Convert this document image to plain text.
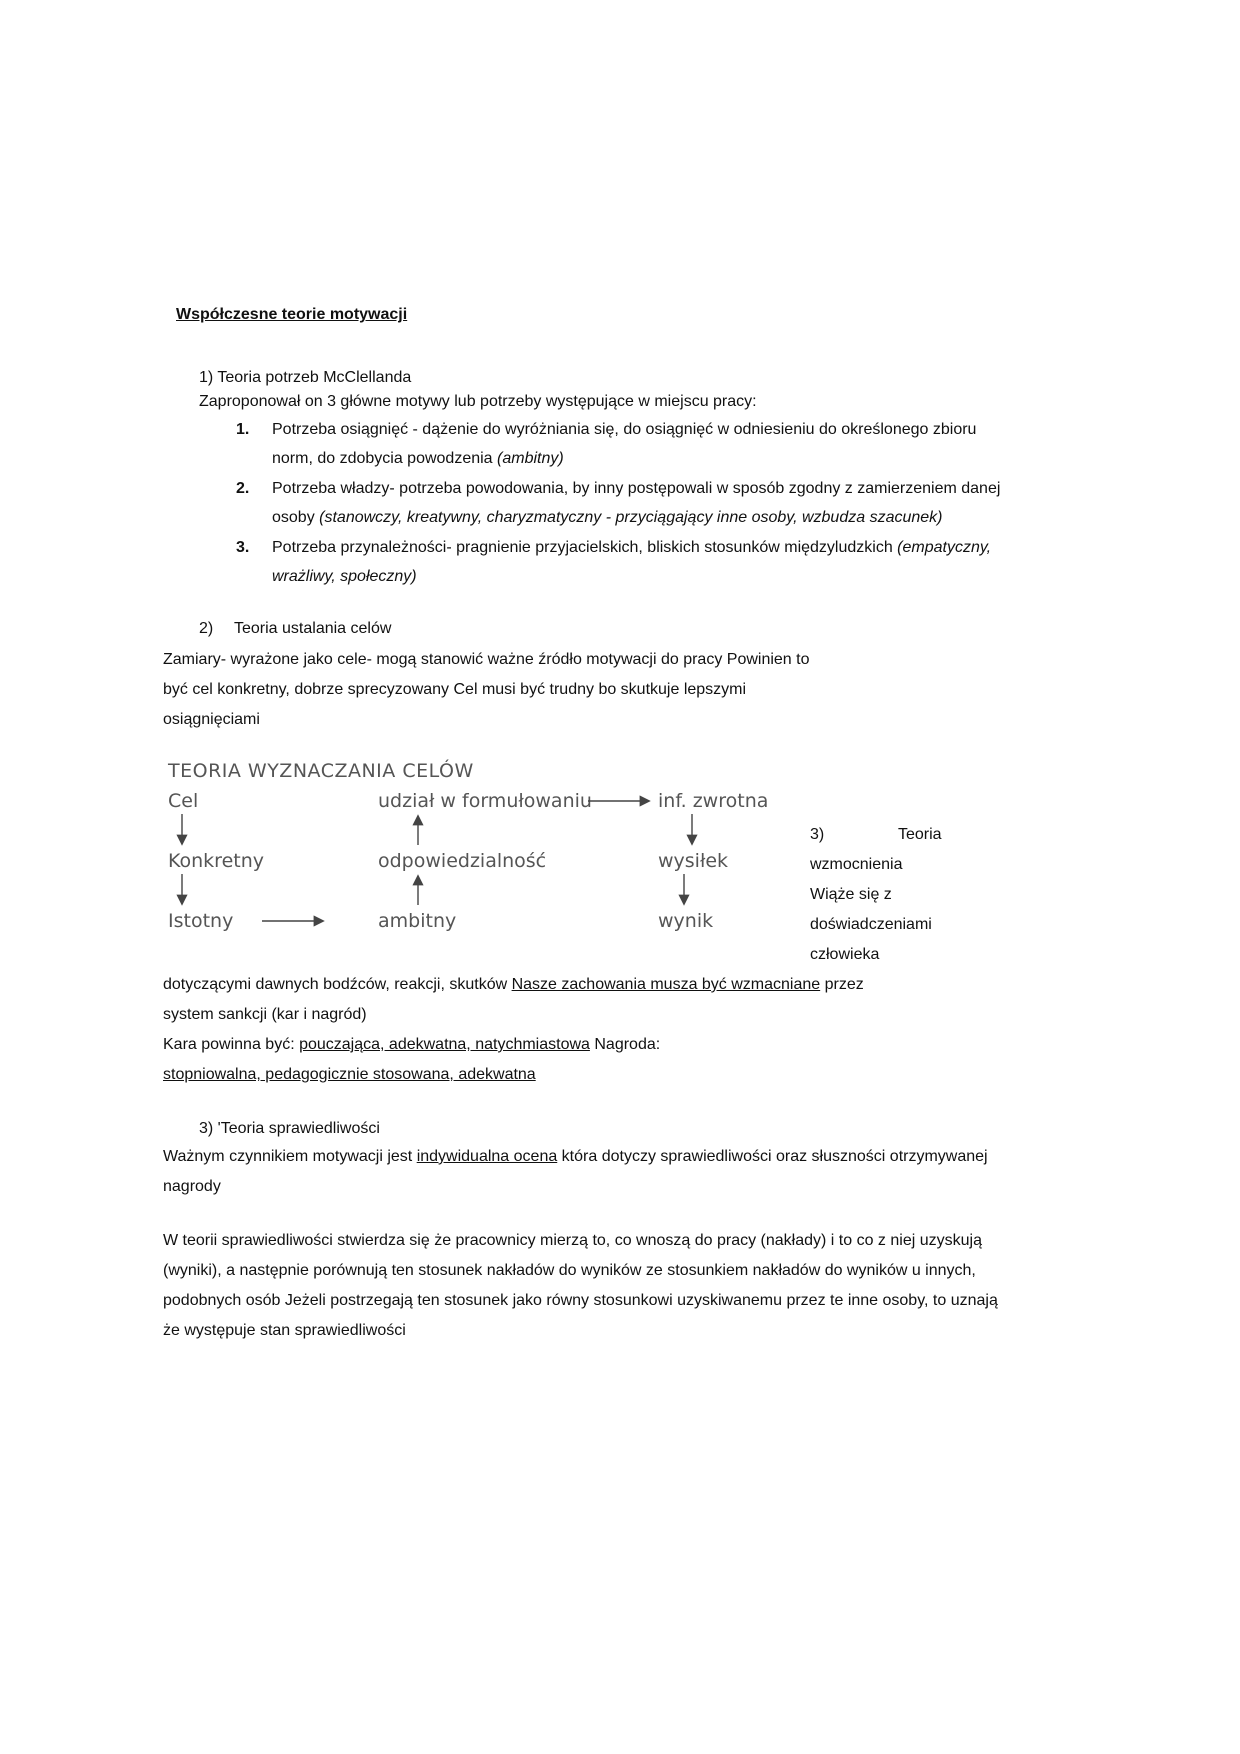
Współczesne teorie motywacji
1) Teoria potrzeb McClellanda
Zaproponował on 3 główne motywy lub potrzeby występujące w miejscu pracy:
1. Potrzeba osiągnięć - dążenie do wyróżniania się, do osiągnięć w odniesieniu do określonego zbioru
norm, do zdobycia powodzenia (ambitny)
2. Potrzeba władzy- potrzeba powodowania, by inny postępowali w sposób zgodny z zamierzeniem danej
osoby (stanowczy, kreatywny, charyzmatyczny - przyciągający inne osoby, wzbudza szacunek)
3. Potrzeba przynależności- pragnienie przyjacielskich, bliskich stosunków międzyludzkich (empatyczny,
wrażliwy, społeczny)
2) Teoria ustalania celów
Zamiary- wyrażone jako cele- mogą stanowić ważne źródło motywacji do pracy Powinien to
być cel konkretny, dobrze sprecyzowany Cel musi być trudny bo skutkuje lepszymi
osiągnięciami
TEORIA WYZNACZANIA CELÓW
Cel
Konkretny
Istotny
udział w formułowaniu
odpowiedzialność
ambitny
inf. zwrotna
wysiłek
wynik
3)	Teoria
wzmocnienia
Wiąże się z
doświadczeniami
człowieka
dotyczącymi dawnych bodźców, reakcji, skutków Nasze zachowania musza być wzmacniane przez
system sankcji (kar i nagród)
Kara powinna być: pouczająca, adekwatna, natychmiastowa Nagroda:
stopniowalna, pedagogicznie stosowana, adekwatna
3) 'Teoria sprawiedliwości
Ważnym czynnikiem motywacji jest indywidualna ocena która dotyczy sprawiedliwości oraz słuszności otrzymywanej
nagrody
W teorii sprawiedliwości stwierdza się że pracownicy mierzą to, co wnoszą do pracy (nakłady) i to co z niej uzyskują
(wyniki), a następnie porównują ten stosunek nakładów do wyników ze stosunkiem nakładów do wyników u innych,
podobnych osób Jeżeli postrzegają ten stosunek jako równy stosunkowi uzyskiwanemu przez te inne osoby, to uznają
że występuje stan sprawiedliwości
